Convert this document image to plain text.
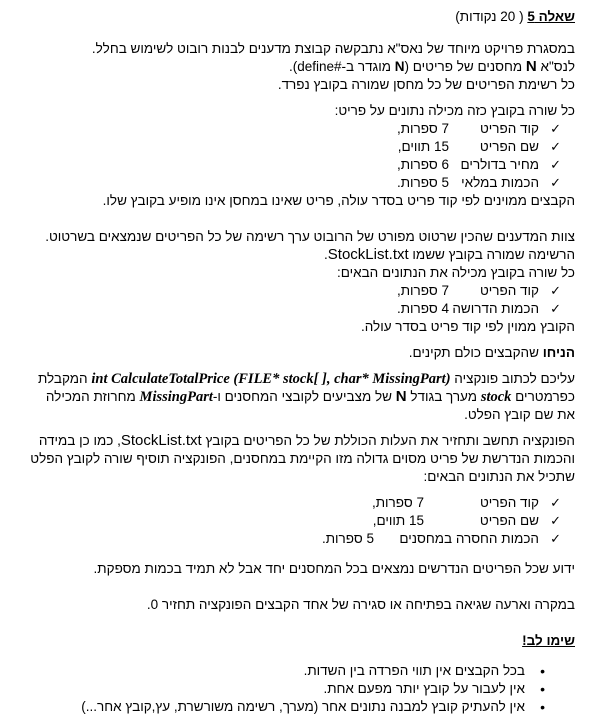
שאלה 5 ( 20 נקודות)

במסגרת פרויקט מיוחד של נאס"א נתבקשה קבוצת מדענים לבנות רובוט לשימוש בחלל.

לנס"א N מחסנים של פריטים (N מוגדר ב-#define).

כל רשימת הפריטים של כל מחסן שמורה בקובץ נפרד.

כל שורה בקובץ כזה מכילה נתונים על פריט:

✓
קוד הפריט
7 ספרות,
✓
שם הפריט
15 תווים,
✓
מחיר בדולרים
6 ספרות,
✓
הכמות במלאי
5 ספרות.

הקבצים ממוינים לפי קוד פריט בסדר עולה, פריט שאינו במחסן אינו מופיע בקובץ שלו.

צוות המדענים שהכין שרטוט מפורט של הרובוט ערך רשימה של כל הפריטים שנמצאים בשרטוט.

הרשימה שמורה בקובץ ששמו StockList.txt.

כל שורה בקובץ מכילה את הנתונים הבאים:

✓
קוד הפריט
7 ספרות,
✓
הכמות הדרושה
4 ספרות.

הקובץ ממוין לפי קוד פריט בסדר עולה.

הניחו שהקבצים כולם תקינים.

עליכם לכתוב פונקציה int CalculateTotalPrice (FILE* stock[ ], char* MissingPart) המקבלת

כפרמטרים stock מערך בגודל N של מצביעים לקובצי המחסנים ו-MissingPart מחרוזת המכילה

את שם קובץ הפלט.

הפונקציה תחשב ותחזיר את העלות הכוללת של כל הפריטים בקובץ StockList.txt, כמו כן במידה

והכמות הנדרשת של פריט מסוים גדולה מזו הקיימת במחסנים, הפונקציה תוסיף שורה לקובץ הפלט

שתכיל את הנתונים הבאים:

✓
קוד הפריט
7 ספרות,
✓
שם הפריט
15 תווים,
✓
הכמות החסרה במחסנים
5 ספרות.

ידוע שכל הפריטים הנדרשים נמצאים בכל המחסנים יחד אבל לא תמיד בכמות מספקת.

במקרה וארעה שגיאה בפתיחה או סגירה של אחד הקבצים הפונקציה תחזיר 0.

שימו לב!

•
בכל הקבצים אין תווי הפרדה בין השדות.
•
אין לעבור על קובץ יותר מפעם אחת.
•
אין להעתיק קובץ למבנה נתונים אחר (מערך, רשימה משורשרת, עץ,קובץ אחר...)
